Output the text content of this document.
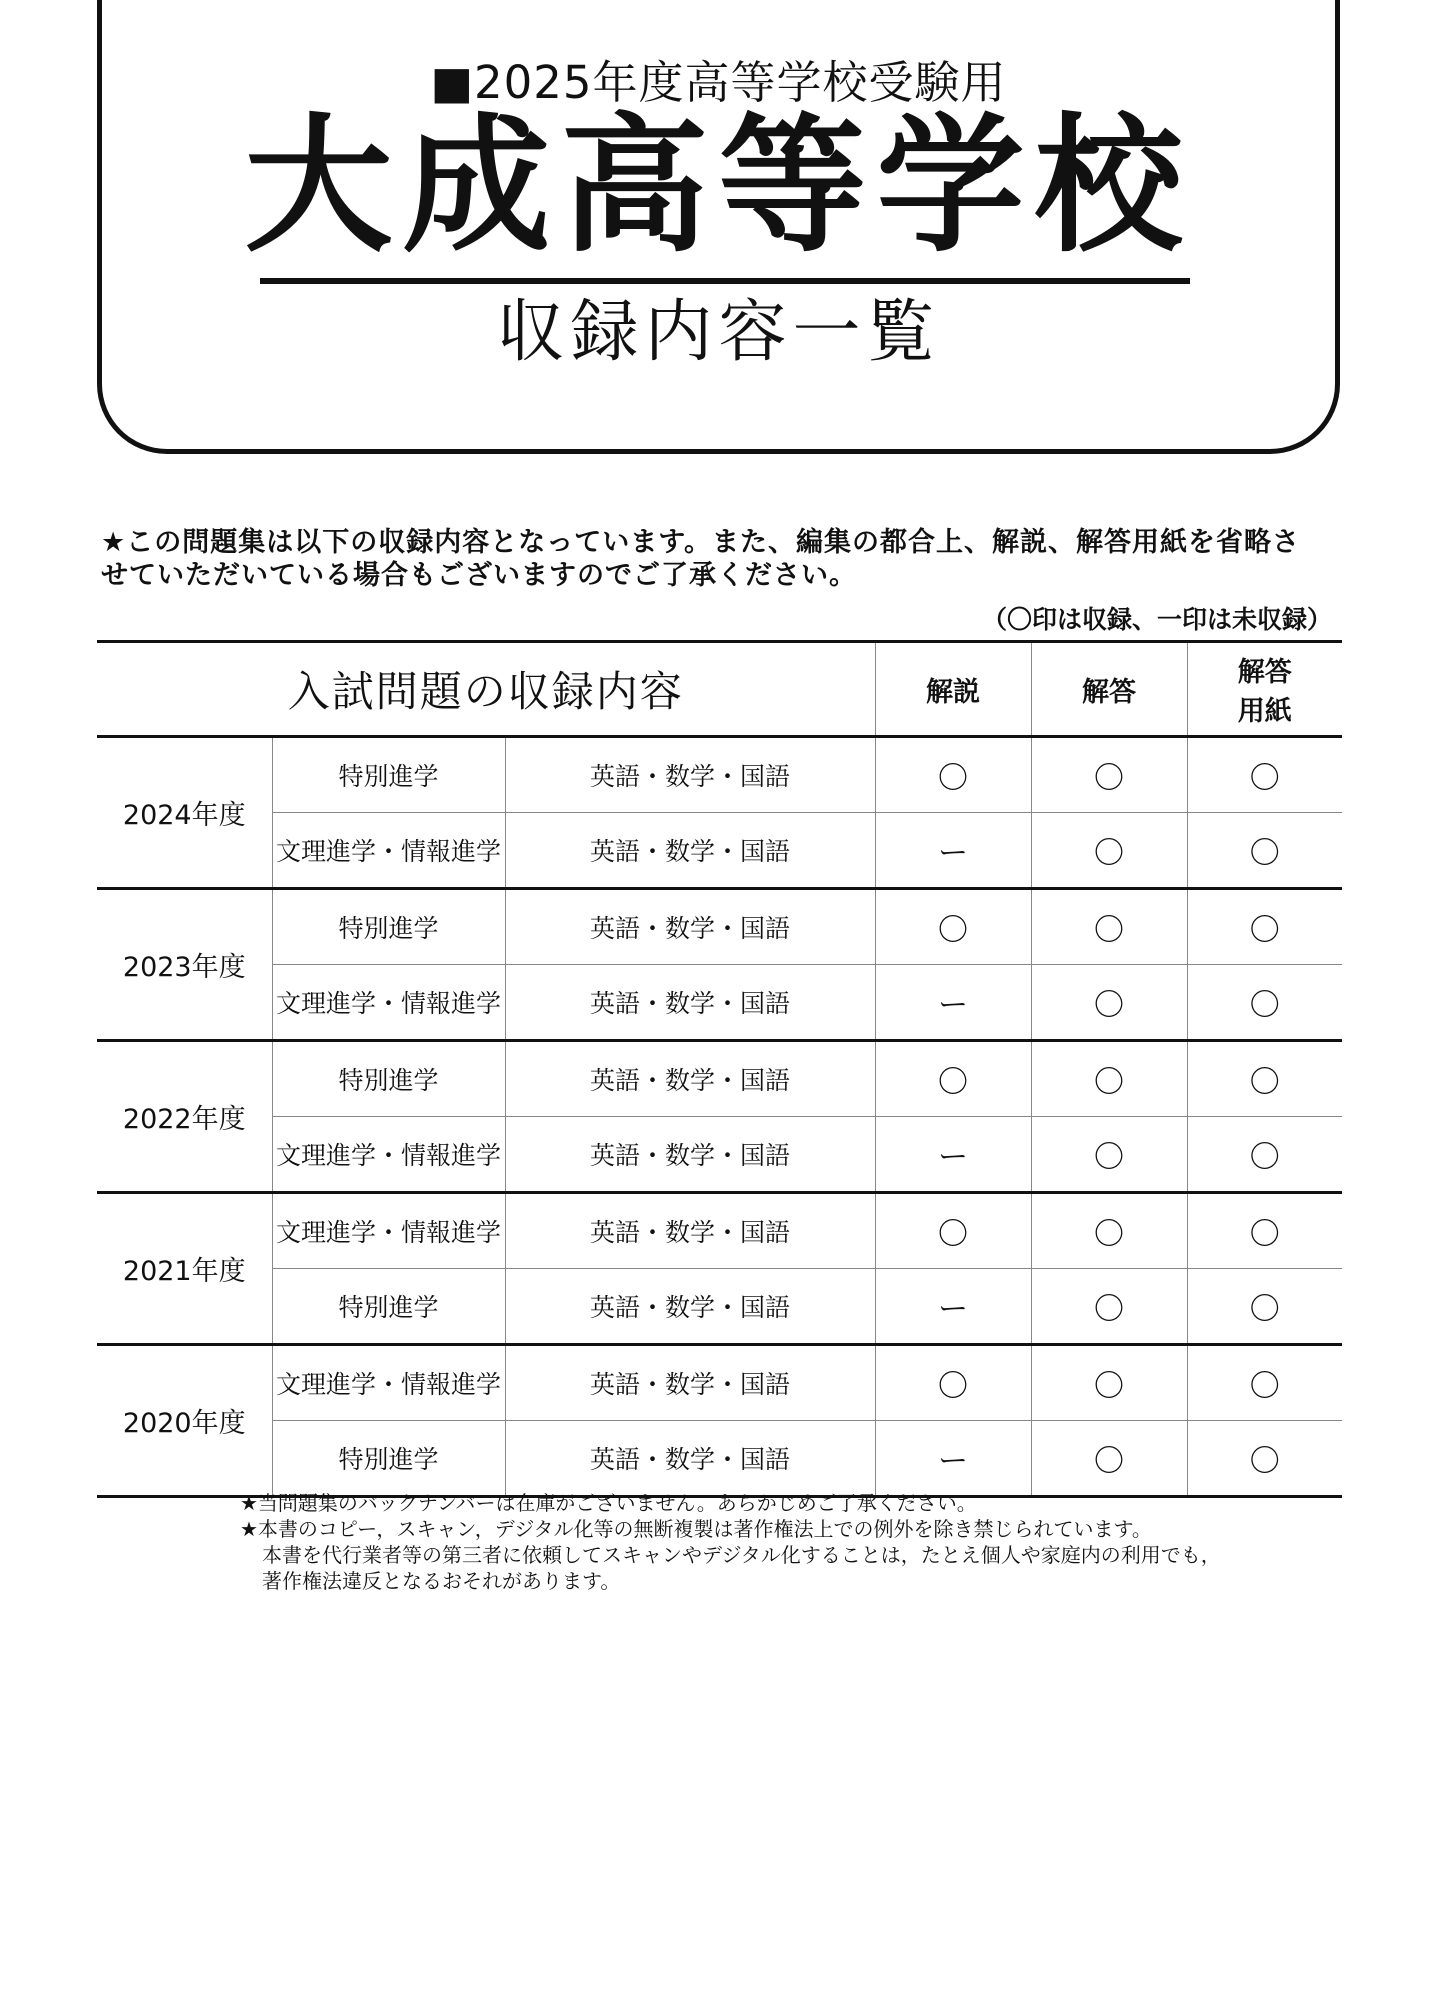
■2025年度高等学校受験用
大成高等学校
収録内容一覧
★この問題集は以下の収録内容となっています。また、編集の都合上、解説、解答用紙を省略さ
せていただいている場合もございますのでご了承ください。
（〇印は収録、一印は未収録）
入試問題の収録内容			解説	解答	解答
用紙

2024年度	特別進学	英語・数学・国語	〇	〇	〇
	文理進学・情報進学	英語・数学・国語	ー	〇	〇
2023年度	特別進学	英語・数学・国語	〇	〇	〇
	文理進学・情報進学	英語・数学・国語	ー	〇	〇
2022年度	特別進学	英語・数学・国語	〇	〇	〇
	文理進学・情報進学	英語・数学・国語	ー	〇	〇
2021年度	文理進学・情報進学	英語・数学・国語	〇	〇	〇
	特別進学	英語・数学・国語	ー	〇	〇
2020年度	文理進学・情報進学	英語・数学・国語	〇	〇	〇
	特別進学	英語・数学・国語	ー	〇	〇
★当問題集のバックナンバーは在庫がございません。あらかじめご了承ください。
★本書のコピー，スキャン，デジタル化等の無断複製は著作権法上での例外を除き禁じられています。
本書を代行業者等の第三者に依頼してスキャンやデジタル化することは，たとえ個人や家庭内の利用でも，
著作権法違反となるおそれがあります。
